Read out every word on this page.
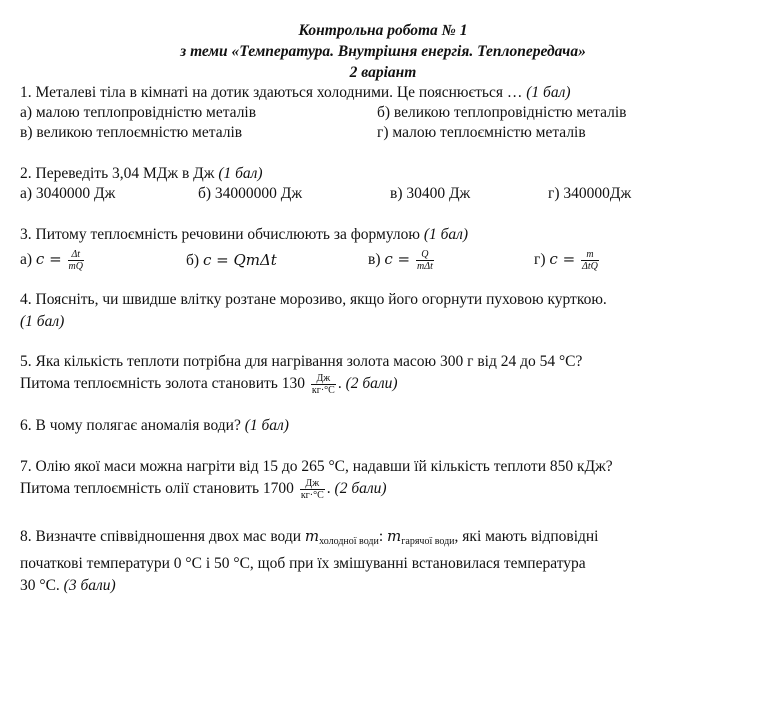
Контрольна робота № 1
з теми «Температура. Внутрішня енергія. Теплопередача»
2 варіант
1. Металеві тіла в кімнаті на дотик здаються холодними. Це пояснюється … (1 бал)
а) малою теплопровідністю металів	б) великою теплопровідністю металів
в) великою теплоємністю металів	г) малою теплоємністю металів
2. Переведіть 3,04 МДж в Дж (1 бал)
а) 3040000 Дж	б) 34000000 Дж	в) 30400 Дж	г) 340000Дж
3. Питому теплоємність речовини обчислюють за формулою (1 бал)
а) $c = \frac{\Delta t}{mQ}$	б) c = QmΔt	в) $c = \frac{Q}{\text{mΔt}}$	г) $c = \frac{m}{\text{ΔtQ}}$
4. Поясніть, чи швидше влітку розтане морозиво, якщо його огорнути пуховою курткою.
(1 бал)
5. Яка кількість теплоти потрібна для нагрівання золота масою 300 г від 24 до 54 °С?
Питома теплоємність золота становить $130 \frac{Дж}{кг\cdot^\circ С}$ . (2 бали)
6. В чому полягає аномалія води? (1 бал)
7. Олію якої маси можна нагріти від 15 до 265 °С, надавши їй кількість теплоти 850 кДж?
Питома теплоємність олії становить $1700 \frac{Дж}{кг\cdot^\circ С}$ . (2 бали)
8. Визначте співвідношення двох мас води $m_{холодної води}$: $m_{гарячої води}$, які мають відповідні
початкові температури 0 °С і 50 °С, щоб при їх змішуванні встановилася температура
30 °С. (3 бали)
